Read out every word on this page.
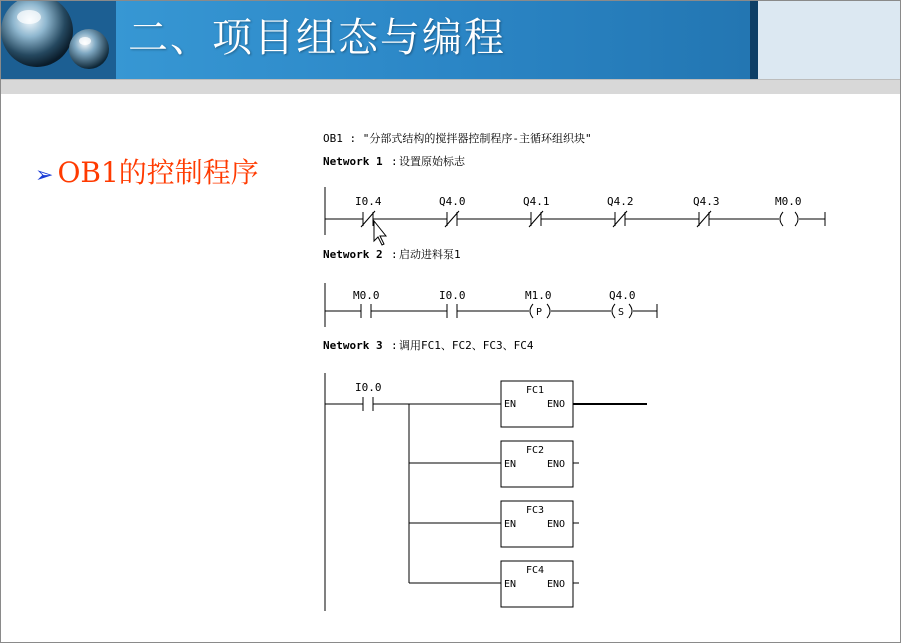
二、项目组态与编程
➢ OB1的控制程序
OB1 : "分部式结构的搅拌器控制程序-主循环组织块"
Network 1 : 设置原始标志
I0.4	Q4.0	Q4.1	Q4.2	Q4.3	M0.0
Network 2 : 启动进料泵1
M0.0	I0.0	M1.0	Q4.0
P	S
Network 3 : 调用FC1、FC2、FC3、FC4
I0.0	FC1
EN	ENO
FC2
EN	ENO
FC3
EN	ENO
FC4
EN	ENO
